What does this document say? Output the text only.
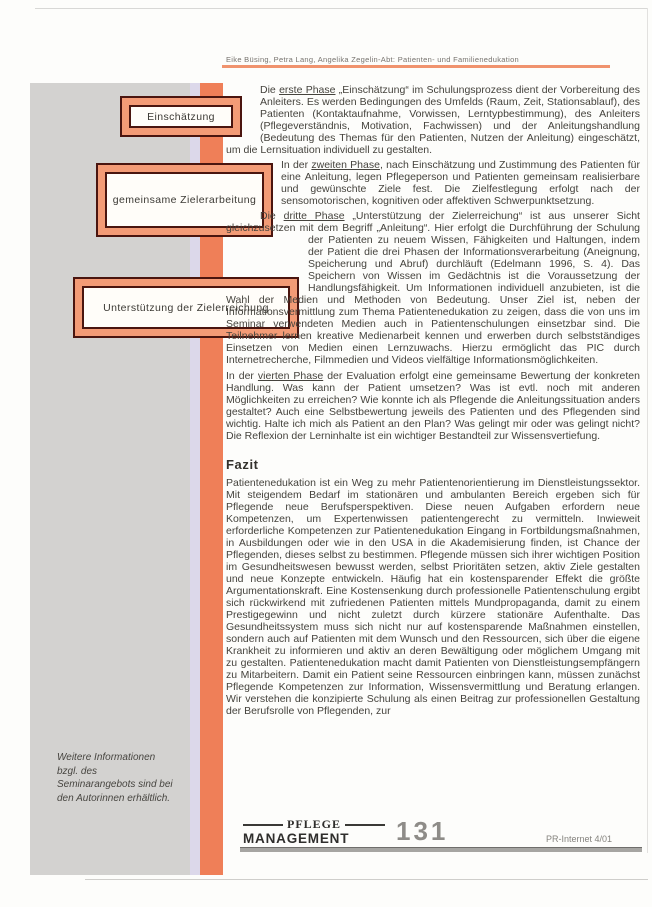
Eike Büsing, Petra Lang, Angelika Zegelin-Abt: Patienten- und Familienedukation
Einschätzung
gemeinsame Zielerarbeitung
Unterstützung der Zielerreichung

Die erste Phase „Einschätzung“ im Schulungsprozess dient der Vorbereitung des Anleiters. Es werden Bedingungen des Umfelds (Raum, Zeit, Stationsablauf), des Patienten (Kontaktaufnahme, Vorwissen, Lerntypbestimmung), des Anleiters (Pflegeverständnis, Motivation, Fachwissen) und der Anleitungshandlung (Bedeutung des Themas für den Patienten, Nutzen der Anleitung) eingeschätzt, um die Lernsituation individuell zu gestalten.

In der zweiten Phase, nach Einschätzung und Zustimmung des Patienten für eine Anleitung, legen Pflegeperson und Patienten gemeinsam realisierbare und gewünschte Ziele fest. Die Zielfestlegung erfolgt nach der sensomotorischen, kognitiven oder affektiven Schwerpunktsetzung.

Die dritte Phase „Unterstützung der Zielerreichung“ ist aus unserer Sicht gleichzusetzen mit dem Begriff „Anleitung“. Hier erfolgt die Durchführung der Schulung der Patienten zu neuem Wissen, Fähigkeiten und
Haltungen, indem der Patient die drei Phasen der Informationsverarbeitung (Aneignung, Speicherung und Abruf) durchläuft (Edelmann 1996, S. 4). Das Speichern von Wissen im Gedächtnis ist die Voraussetzung der Handlungsfähigkeit. Um Informationen individuell anzubieten, ist die Wahl der Medien und Methoden von Bedeutung. Unser Ziel ist, neben der Informationsvermittlung zum Thema Patientenedukation zu zeigen, dass die von uns im Seminar verwendeten Medien auch in Patientenschulungen einsetzbar sind. Die Teilnehmer lernen kreative Medienarbeit kennen und erwerben durch selbstständiges Einsetzen von Medien einen Lernzuwachs. Hierzu ermöglicht das PIC durch Internetrecherche, Filmmedien und Videos vielfältige Informationsmöglichkeiten.

In der vierten Phase der Evaluation erfolgt eine gemeinsame Bewertung der konkreten Handlung. Was kann der Patient umsetzen? Was ist evtl. noch mit anderen Möglichkeiten zu erreichen? Wie konnte ich als Pflegende die Anleitungssituation anders gestaltet? Auch eine Selbstbewertung jeweils des Patienten und des Pflegenden sind wichtig. Halte ich mich als Patient an den Plan? Was gelingt mir oder was gelingt nicht? Die Reflexion der Lerninhalte ist ein wichtiger Bestandteil zur Wissensvertiefung.

Fazit

Patientenedukation ist ein Weg zu mehr Patientenorientierung im Dienstleistungssektor. Mit steigendem Bedarf im stationären und ambulanten Bereich ergeben sich für Pflegende neue Berufsperspektiven. Diese neuen Aufgaben erfordern neue Kompetenzen, um Expertenwissen patientengerecht zu vermitteln. Inwieweit erforderliche Kompetenzen zur Patientenedukation Eingang in Fortbildungsmaßnahmen, in Ausbildungen oder wie in den USA in die Akademisierung finden, ist Chance der Pflegenden, dieses selbst zu bestimmen. Pflegende müssen sich ihrer wichtigen Position im Gesundheitswesen bewusst werden, selbst Prioritäten setzen, aktiv Ziele gestalten und neue Konzepte entwickeln. Häufig hat ein kostensparender Effekt die größte Argumentationskraft. Eine Kostensenkung durch professionelle Patientenschulung ergibt sich rückwirkend mit zufriedenen Patienten mittels Mundpropaganda, damit zu einem Prestigegewinn und nicht zuletzt durch kürzere stationäre Aufenthalte. Das Gesundheitssystem muss sich nicht nur auf kostensparende Maßnahmen einstellen, sondern auch auf Patienten mit dem Wunsch und den Ressourcen, sich über die eigene Krankheit zu informieren und aktiv an deren Bewältigung oder möglichem Umgang mit zu gestalten. Patientenedukation macht damit Patienten von Dienstleistungsempfängern zu Mitarbeitern. Damit ein Patient seine Ressourcen einbringen kann, müssen zunächst Pflegende Kompetenzen zur Information, Wissensvermittlung und Beratung erlangen. Wir verstehen die konzipierte Schulung als einen Beitrag zur professionellen Gestaltung der Berufsrolle von Pflegenden, zur

Weitere Informationen bzgl. des Seminarangebots sind bei den Autorinnen erhältlich.
PFLEGE
MANAGEMENT	131	PR-Internet 4/01
